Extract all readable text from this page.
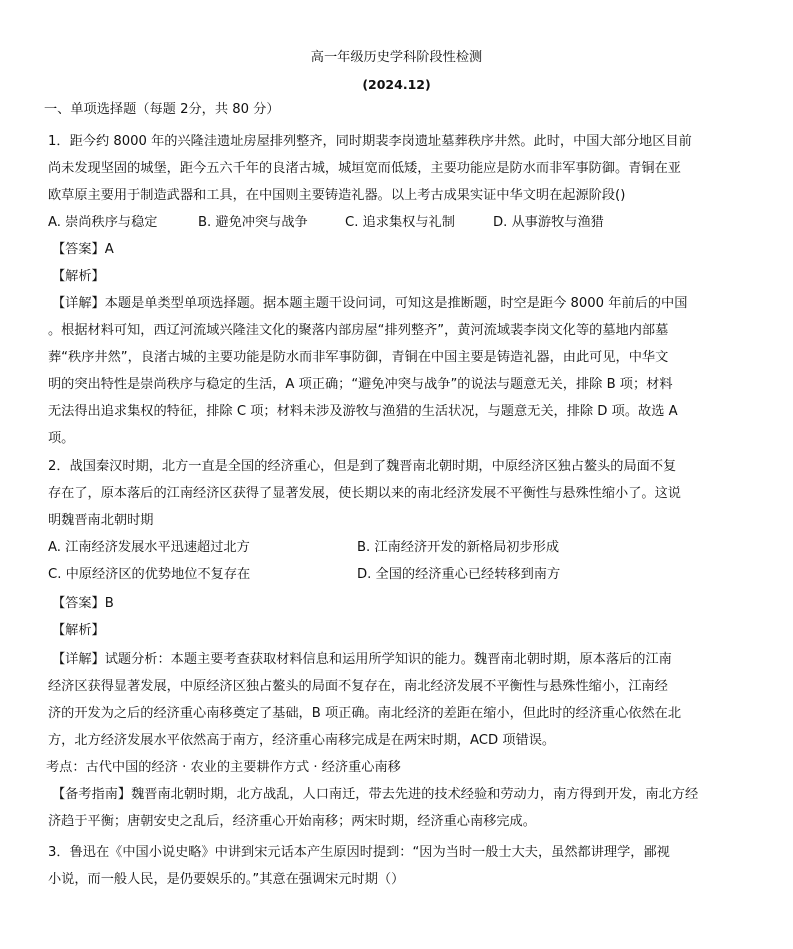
高一年级历史学科阶段性检测
(2024.12)
一、单项选择题（每题 2分，共 80 分）
1．距今约 8000 年的兴隆洼遗址房屋排列整齐，同时期裴李岗遗址墓葬秩序井然。此时，中国大部分地区目前
尚未发现坚固的城堡，距今五六千年的良渚古城，城垣宽而低矮，主要功能应是防水而非军事防御。青铜在亚
欧草原主要用于制造武器和工具，在中国则主要铸造礼器。以上考古成果实证中华文明在起源阶段()
A. 崇尚秩序与稳定	B. 避免冲突与战争	C. 追求集权与礼制	D. 从事游牧与渔猎
【答案】A
【解析】
【详解】本题是单类型单项选择题。据本题主题干设问词，可知这是推断题，时空是距今 8000 年前后的中国
。根据材料可知，西辽河流域兴隆洼文化的聚落内部房屋“排列整齐”，黄河流域裴李岗文化等的墓地内部墓
葬“秩序井然”，良渚古城的主要功能是防水而非军事防御，青铜在中国主要是铸造礼器，由此可见，中华文
明的突出特性是崇尚秩序与稳定的生活，A 项正确；“避免冲突与战争”的说法与题意无关，排除 B 项；材料
无法得出追求集权的特征，排除 C 项；材料未涉及游牧与渔猎的生活状况，与题意无关，排除 D 项。故选 A
项。
2．战国秦汉时期，北方一直是全国的经济重心，但是到了魏晋南北朝时期，中原经济区独占鳌头的局面不复
存在了，原本落后的江南经济区获得了显著发展，使长期以来的南北经济发展不平衡性与悬殊性缩小了。这说
明魏晋南北朝时期
A. 江南经济发展水平迅速超过北方	B. 江南经济开发的新格局初步形成
C. 中原经济区的优势地位不复存在	D. 全国的经济重心已经转移到南方
【答案】B
【解析】
【详解】试题分析：本题主要考查获取材料信息和运用所学知识的能力。魏晋南北朝时期，原本落后的江南
经济区获得显著发展，中原经济区独占鳌头的局面不复存在，南北经济发展不平衡性与悬殊性缩小，江南经
济的开发为之后的经济重心南移奠定了基础，B 项正确。南北经济的差距在缩小，但此时的经济重心依然在北
方，北方经济发展水平依然高于南方，经济重心南移完成是在两宋时期，ACD 项错误。
考点：古代中国的经济 · 农业的主要耕作方式 · 经济重心南移
【备考指南】魏晋南北朝时期，北方战乱，人口南迁，带去先进的技术经验和劳动力，南方得到开发，南北方经
济趋于平衡；唐朝安史之乱后，经济重心开始南移；两宋时期，经济重心南移完成。
3．鲁迅在《中国小说史略》中讲到宋元话本产生原因时提到：“因为当时一般士大夫，虽然都讲理学，鄙视
小说，而一般人民，是仍要娱乐的。”其意在强调宋元时期（）
